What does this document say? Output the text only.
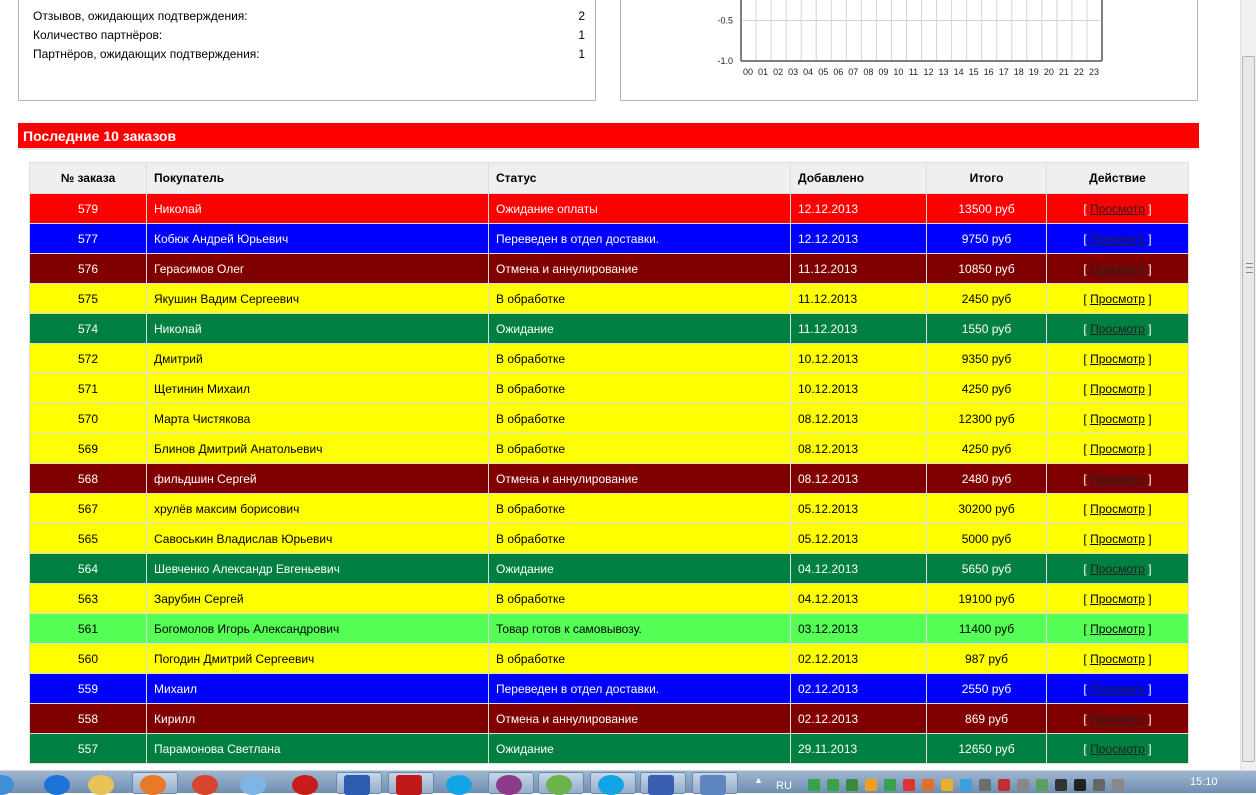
Отзывов, ожидающих подтверждения:	2
Количество партнёров:	1
Партнёров, ожидающих подтверждения:	1
-0.5
-1.0
00 01 02 03 04 05 06 07 08 09 10 11 12 13 14 15 16 17 18 19 20 21 22 23
Последние 10 заказов
№ заказа	Покупатель	Статус	Добавлено	Итого	Действие
579	Николай	Ожидание оплаты	12.12.2013	13500 руб	[ Просмотр ]
577	Кобюк Андрей Юрьевич	Переведен в отдел доставки.	12.12.2013	9750 руб	[ Просмотр ]
576	Герасимов Олег	Отмена и аннулирование	11.12.2013	10850 руб	[ Просмотр ]
575	Якушин Вадим Сергеевич	В обработке	11.12.2013	2450 руб	[ Просмотр ]
574	Николай	Ожидание	11.12.2013	1550 руб	[ Просмотр ]
572	Дмитрий	В обработке	10.12.2013	9350 руб	[ Просмотр ]
571	Щетинин Михаил	В обработке	10.12.2013	4250 руб	[ Просмотр ]
570	Марта Чистякова	В обработке	08.12.2013	12300 руб	[ Просмотр ]
569	Блинов Дмитрий Анатольевич	В обработке	08.12.2013	4250 руб	[ Просмотр ]
568	фильдшин Сергей	Отмена и аннулирование	08.12.2013	2480 руб	[ Просмотр ]
567	хрулёв максим борисович	В обработке	05.12.2013	30200 руб	[ Просмотр ]
565	Савоськин Владислав Юрьевич	В обработке	05.12.2013	5000 руб	[ Просмотр ]
564	Шевченко Александр Евгеньевич	Ожидание	04.12.2013	5650 руб	[ Просмотр ]
563	Зарубин Сергей	В обработке	04.12.2013	19100 руб	[ Просмотр ]
561	Богомолов Игорь Александрович	Товар готов к самовывозу.	03.12.2013	11400 руб	[ Просмотр ]
560	Погодин Дмитрий Сергеевич	В обработке	02.12.2013	987 руб	[ Просмотр ]
559	Михаил	Переведен в отдел доставки.	02.12.2013	2550 руб	[ Просмотр ]
558	Кирилл	Отмена и аннулирование	02.12.2013	869 руб	[ Просмотр ]
557	Парамонова Светлана	Ожидание	29.11.2013	12650 руб	[ Просмотр ]
▲ RU	15:10
